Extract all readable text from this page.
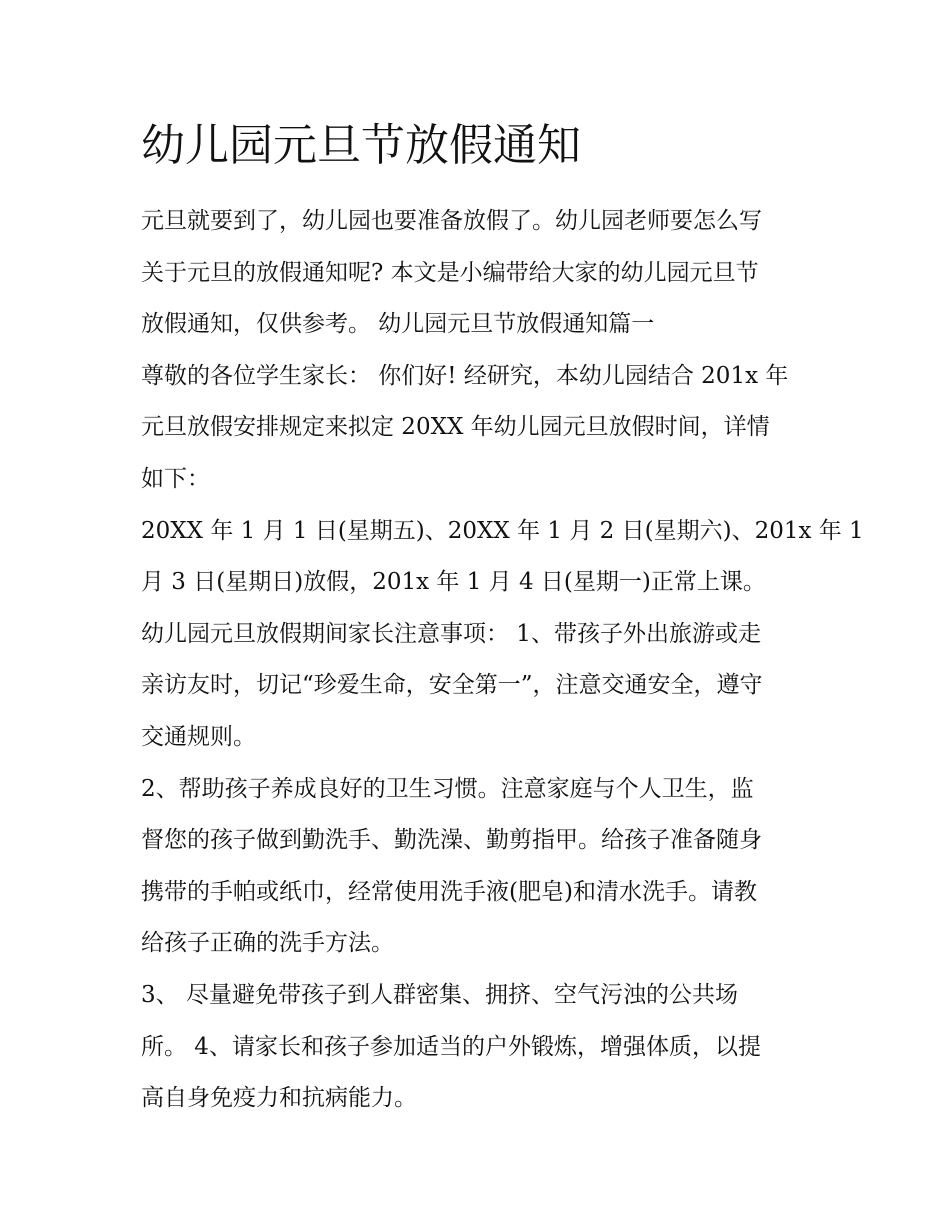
幼儿园元旦节放假通知
元旦就要到了，幼儿园也要准备放假了。幼儿园老师要怎么写
关于元旦的放假通知呢? 本文是小编带给大家的幼儿园元旦节
放假通知，仅供参考。 幼儿园元旦节放假通知篇一
尊敬的各位学生家长： 你们好! 经研究，本幼儿园结合 201x 年
元旦放假安排规定来拟定 20XX 年幼儿园元旦放假时间，详情
如下：
20XX 年 1 月 1 日(星期五)、20XX 年 1 月 2 日(星期六)、201x 年 1
月 3 日(星期日)放假，201x 年 1 月 4 日(星期一)正常上课。
幼儿园元旦放假期间家长注意事项： 1、带孩子外出旅游或走
亲访友时，切记“珍爱生命，安全第一”，注意交通安全，遵守
交通规则。
2、帮助孩子养成良好的卫生习惯。注意家庭与个人卫生，监
督您的孩子做到勤洗手、勤洗澡、勤剪指甲。给孩子准备随身
携带的手帕或纸巾，经常使用洗手液(肥皂)和清水洗手。请教
给孩子正确的洗手方法。
3、 尽量避免带孩子到人群密集、拥挤、空气污浊的公共场
所。 4、请家长和孩子参加适当的户外锻炼，增强体质，以提
高自身免疫力和抗病能力。
